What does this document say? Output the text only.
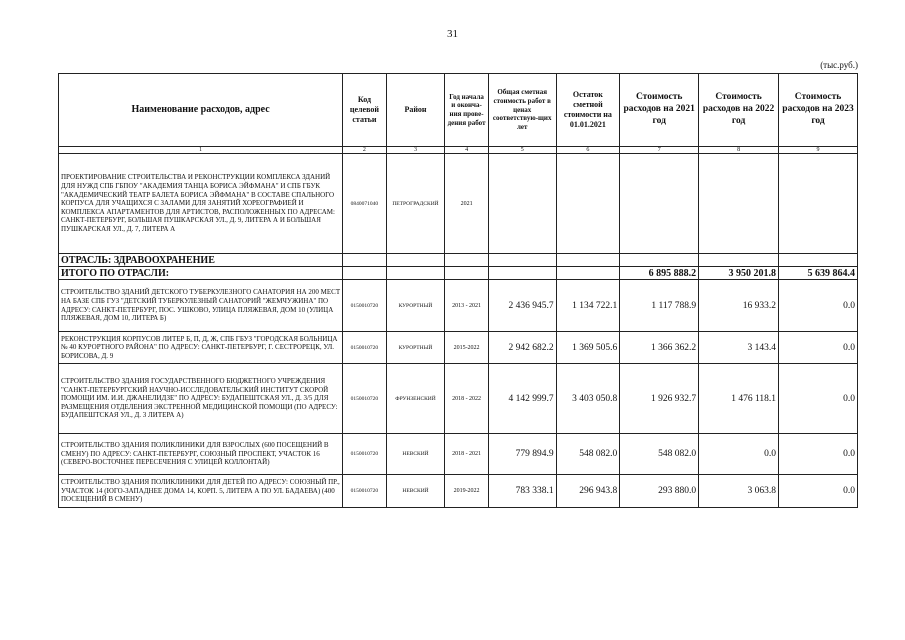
31
(тыс.руб.)
Наименование расходов, адрес	Код целевой статьи	Район	Год начала и оконча-ния прове-дения работ	Общая сметная стоимость работ в ценах соответствую-щих лет	Остаток сметной стоимости на 01.01.2021	Стоимость расходов на 2021 год	Стоимость расходов на 2022 год	Стоимость расходов на 2023 год
1	2	3	4	5	6	7	8	9
ПРОЕКТИРОВАНИЕ СТРОИТЕЛЬСТВА И РЕКОНСТРУКЦИИ КОМПЛЕКСА ЗДАНИЙ ДЛЯ НУЖД СПБ ГБПОУ "АКАДЕМИЯ ТАНЦА БОРИСА ЭЙФМАНА" И СПБ ГБУК "АКАДЕМИЧЕСКИЙ ТЕАТР БАЛЕТА БОРИСА ЭЙФМАНА" В СОСТАВЕ СПАЛЬНОГО КОРПУСА ДЛЯ УЧАЩИХСЯ С ЗАЛАМИ ДЛЯ ЗАНЯТИЙ ХОРЕОГРАФИЕЙ И КОМПЛЕКСА АПАРТАМЕНТОВ ДЛЯ АРТИСТОВ, РАСПОЛОЖЕННЫХ ПО АДРЕСАМ: САНКТ-ПЕТЕРБУРГ, БОЛЬШАЯ ПУШКАРСКАЯ УЛ., Д. 9, ЛИТЕРА А И БОЛЬШАЯ ПУШКАРСКАЯ УЛ., Д. 7, ЛИТЕРА А	0840071040	ПЕТРОГРАДСКИЙ	2021					
ОТРАСЛЬ: ЗДРАВООХРАНЕНИЕ								
ИТОГО ПО ОТРАСЛИ:						6 895 888.2	3 950 201.8	5 639 864.4
СТРОИТЕЛЬСТВО ЗДАНИЙ ДЕТСКОГО ТУБЕРКУЛЕЗНОГО САНАТОРИЯ НА 200 МЕСТ НА БАЗЕ СПБ ГУЗ "ДЕТСКИЙ ТУБЕРКУЛЕЗНЫЙ САНАТОРИЙ "ЖЕМЧУЖИНА" ПО АДРЕСУ: САНКТ-ПЕТЕРБУРГ, ПОС. УШКОВО, УЛИЦА ПЛЯЖЕВАЯ, ДОМ 10 (УЛИЦА ПЛЯЖЕВАЯ, ДОМ 10, ЛИТЕРА Б)	0150010720	КУРОРТНЫЙ	2013 - 2021	2 436 945.7	1 134 722.1	1 117 788.9	16 933.2	0.0
РЕКОНСТРУКЦИЯ КОРПУСОВ ЛИТЕР Б, П, Д, Ж, СПБ ГБУЗ "ГОРОДСКАЯ БОЛЬНИЦА № 40 КУРОРТНОГО РАЙОНА" ПО АДРЕСУ: САНКТ-ПЕТЕРБУРГ, Г. СЕСТРОРЕЦК, УЛ. БОРИСОВА, Д. 9	0150010720	КУРОРТНЫЙ	2015-2022	2 942 682.2	1 369 505.6	1 366 362.2	3 143.4	0.0
СТРОИТЕЛЬСТВО ЗДАНИЯ ГОСУДАРСТВЕННОГО БЮДЖЕТНОГО УЧРЕЖДЕНИЯ "САНКТ-ПЕТЕРБУРГСКИЙ НАУЧНО-ИССЛЕДОВАТЕЛЬСКИЙ ИНСТИТУТ СКОРОЙ ПОМОЩИ ИМ. И.И. ДЖАНЕЛИДЗЕ" ПО АДРЕСУ: БУДАПЕШТСКАЯ УЛ., Д. 3/5 ДЛЯ РАЗМЕЩЕНИЯ ОТДЕЛЕНИЯ ЭКСТРЕННОЙ МЕДИЦИНСКОЙ ПОМОЩИ (ПО АДРЕСУ: БУДАПЕШТСКАЯ УЛ., Д. 3 ЛИТЕРА А)	0150010720	ФРУНЗЕНСКИЙ	2018 - 2022	4 142 999.7	3 403 050.8	1 926 932.7	1 476 118.1	0.0
СТРОИТЕЛЬСТВО ЗДАНИЯ ПОЛИКЛИНИКИ ДЛЯ ВЗРОСЛЫХ (600 ПОСЕЩЕНИЙ В СМЕНУ) ПО АДРЕСУ: САНКТ-ПЕТЕРБУРГ, СОЮЗНЫЙ ПРОСПЕКТ, УЧАСТОК 16 (СЕВЕРО-ВОСТОЧНЕЕ ПЕРЕСЕЧЕНИЯ С УЛИЦЕЙ КОЛЛОНТАЙ)	0150010720	НЕВСКИЙ	2018 - 2021	779 894.9	548 082.0	548 082.0	0.0	0.0
СТРОИТЕЛЬСТВО ЗДАНИЯ ПОЛИКЛИНИКИ ДЛЯ ДЕТЕЙ ПО АДРЕСУ: СОЮЗНЫЙ ПР., УЧАСТОК 14 (ЮГО-ЗАПАДНЕЕ ДОМА 14, КОРП. 5, ЛИТЕРА А ПО УЛ. БАДАЕВА) (400 ПОСЕЩЕНИЙ В СМЕНУ)	0150010720	НЕВСКИЙ	2019-2022	783 338.1	296 943.8	293 880.0	3 063.8	0.0
